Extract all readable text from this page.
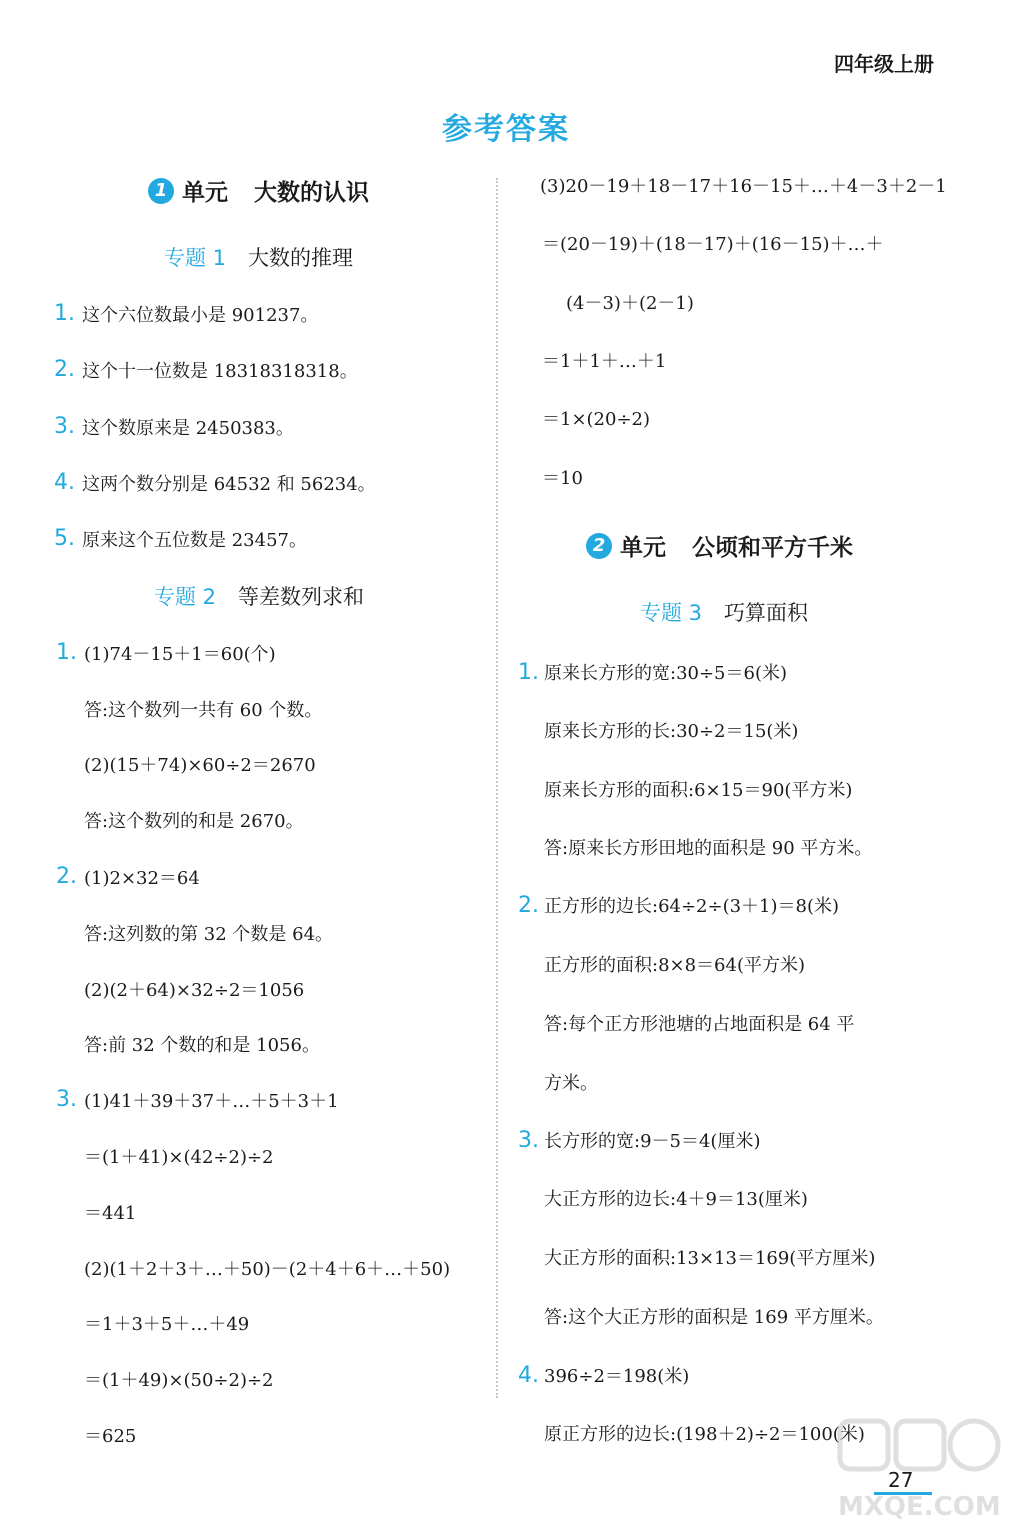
四年级上册
参考答案
1 单元 大数的认识
专题 1 大数的推理
1. 这个六位数最小是 901237。
2. 这个十一位数是 18318318318。
3. 这个数原来是 2450383。
4. 这两个数分别是 64532 和 56234。
5. 原来这个五位数是 23457。
专题 2 等差数列求和
(1)74－15＋1＝60(个)
答:这个数列一共有 60 个数。
(2)(15＋74)×60÷2＝2670
答:这个数列的和是 2670。
(1)2×32＝64
答:这列数的第 32 个数是 64。
(2)(2＋64)×32÷2＝1056
答:前 32 个数的和是 1056。
(1)41＋39＋37＋…＋5＋3＋1
＝(1＋41)×(42÷2)÷2
＝441
(2)(1＋2＋3＋…＋50)－(2＋4＋6＋…＋50)
＝1＋3＋5＋…＋49
＝(1＋49)×(50÷2)÷2
＝625
1.
2.
3.
(3)20－19＋18－17＋16－15＋…＋4－3＋2－1
＝(20－19)＋(18－17)＋(16－15)＋…＋
(4－3)＋(2－1)
＝1＋1＋…＋1
＝1×(20÷2)
＝10
2 单元 公顷和平方千米
专题 3 巧算面积
原来长方形的宽:30÷5＝6(米)
原来长方形的长:30÷2＝15(米)
原来长方形的面积:6×15＝90(平方米)
答:原来长方形田地的面积是 90 平方米。
正方形的边长:64÷2÷(3＋1)＝8(米)
正方形的面积:8×8＝64(平方米)
答:每个正方形池塘的占地面积是 64 平
方米。
长方形的宽:9－5＝4(厘米)
大正方形的边长:4＋9＝13(厘米)
大正方形的面积:13×13＝169(平方厘米)
答:这个大正方形的面积是 169 平方厘米。
396÷2＝198(米)
原正方形的边长:(198＋2)÷2＝100(米)
1.
2.
3.
4.
27
MXQE.COM
